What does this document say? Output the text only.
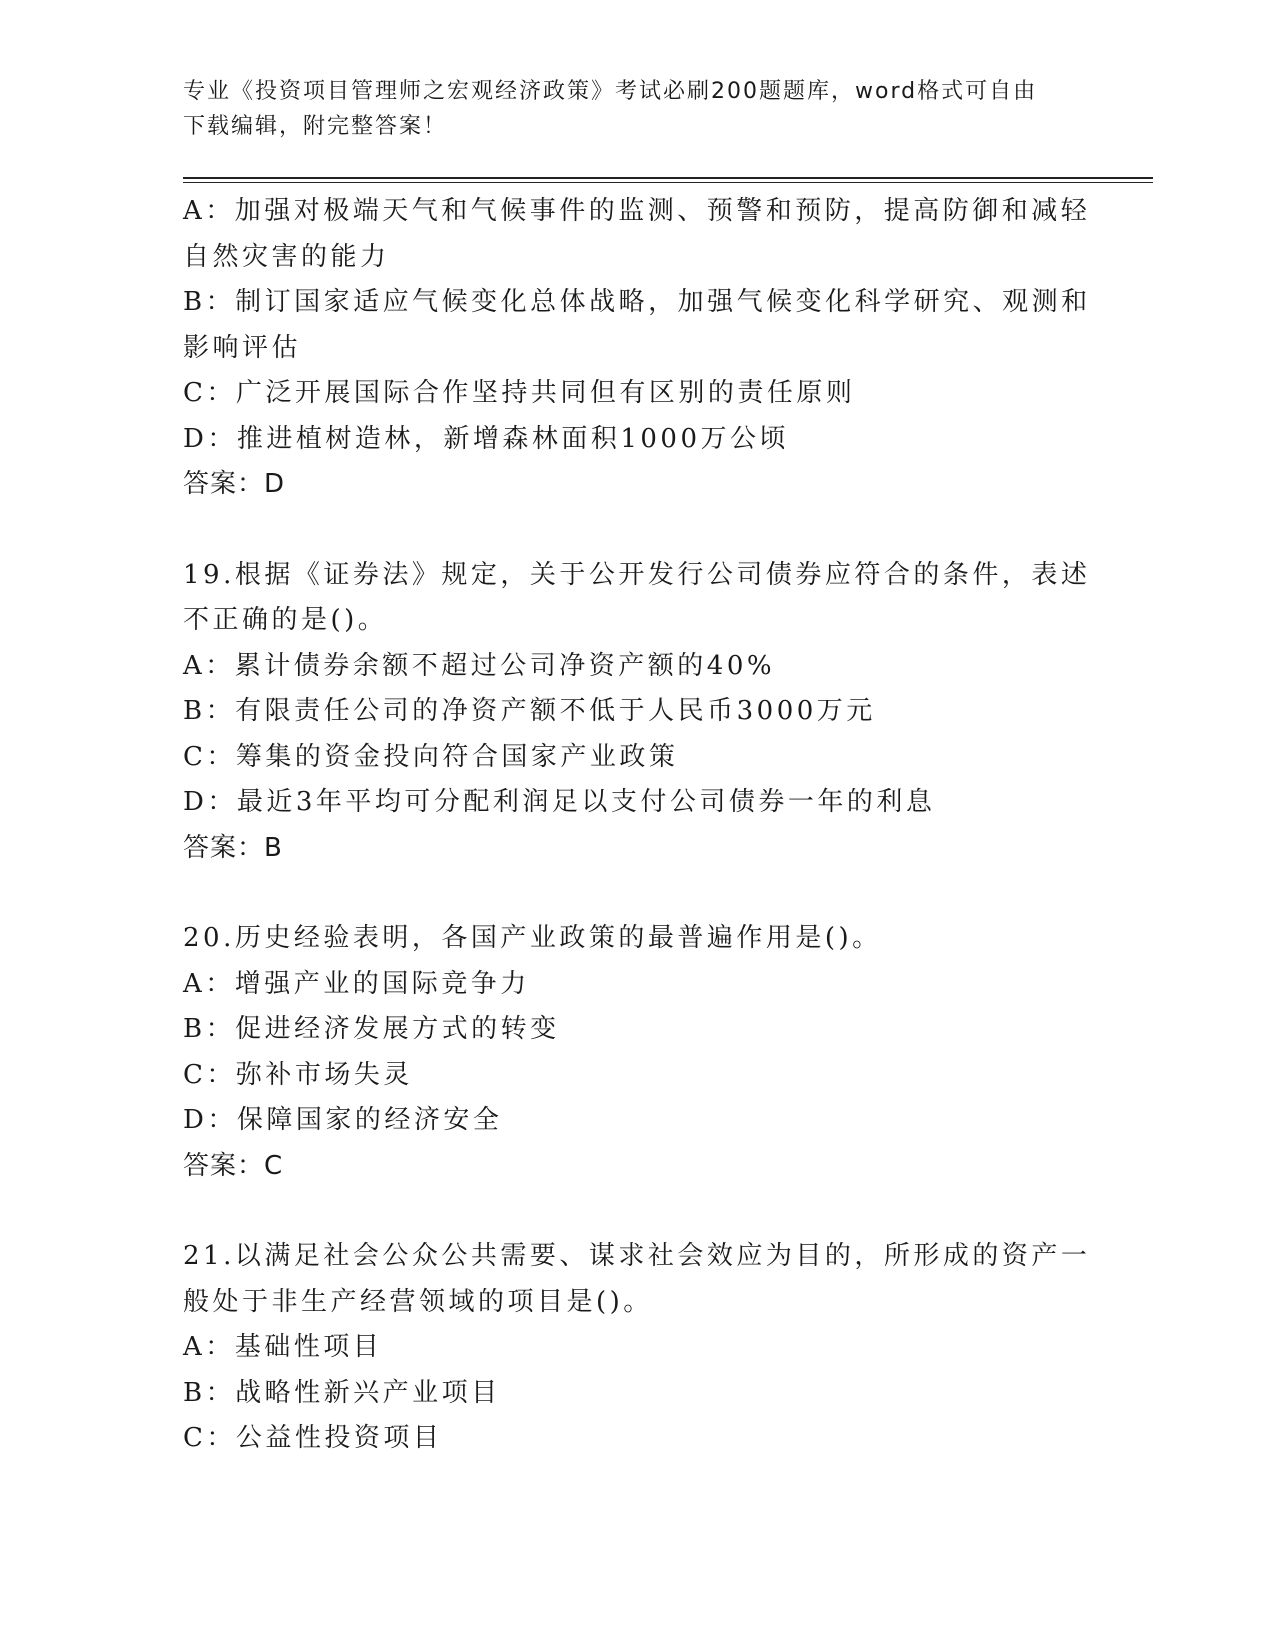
专业《投资项目管理师之宏观经济政策》考试必刷200题题库，word格式可自由
下载编辑，附完整答案！
A：加强对极端天气和气候事件的监测、预警和预防，提高防御和减轻
自然灾害的能力
B：制订国家适应气候变化总体战略，加强气候变化科学研究、观测和
影响评估
C：广泛开展国际合作坚持共同但有区别的责任原则
D：推进植树造林，新增森林面积1000万公顷
答案：D
19.根据《证券法》规定，关于公开发行公司债券应符合的条件，表述
不正确的是()。
A：累计债券余额不超过公司净资产额的40%
B：有限责任公司的净资产额不低于人民币3000万元
C：筹集的资金投向符合国家产业政策
D：最近3年平均可分配利润足以支付公司债券一年的利息
答案：B
20.历史经验表明，各国产业政策的最普遍作用是()。
A：增强产业的国际竞争力
B：促进经济发展方式的转变
C：弥补市场失灵
D：保障国家的经济安全
答案：C
21.以满足社会公众公共需要、谋求社会效应为目的，所形成的资产一
般处于非生产经营领域的项目是()。
A：基础性项目
B：战略性新兴产业项目
C：公益性投资项目
